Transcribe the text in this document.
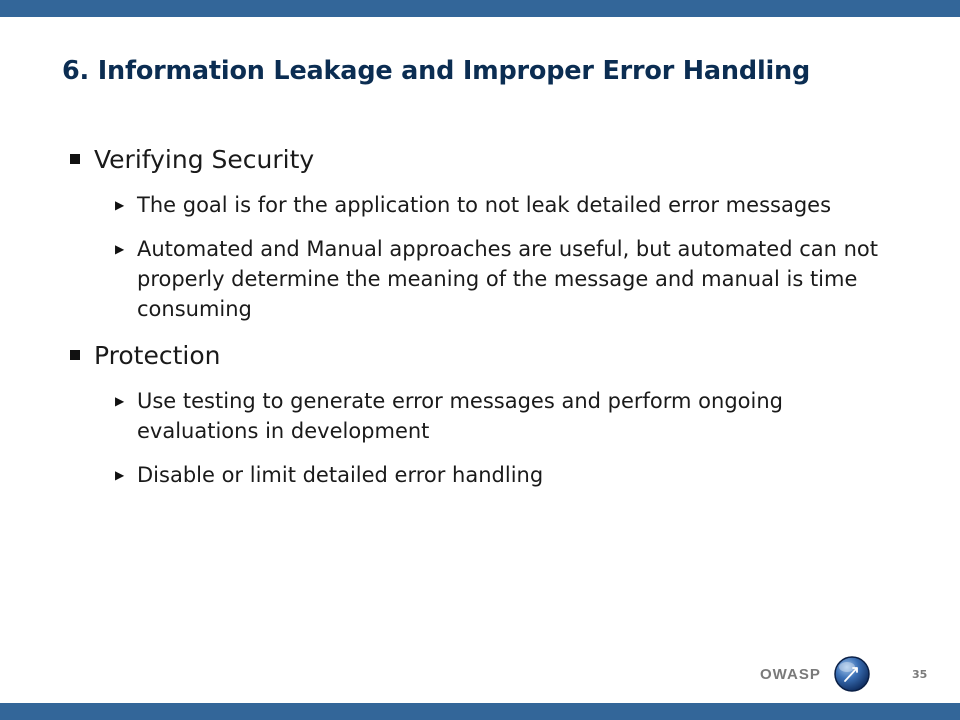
6. Information Leakage and Improper Error Handling
Verifying Security
▶ The goal is for the application to not leak detailed error messages
▶ Automated and Manual approaches are useful, but automated can not properly determine the meaning of the message and manual is time consuming
Protection
▶ Use testing to generate error messages and perform ongoing evaluations in development
▶ Disable or limit detailed error handling
OWASP	35
